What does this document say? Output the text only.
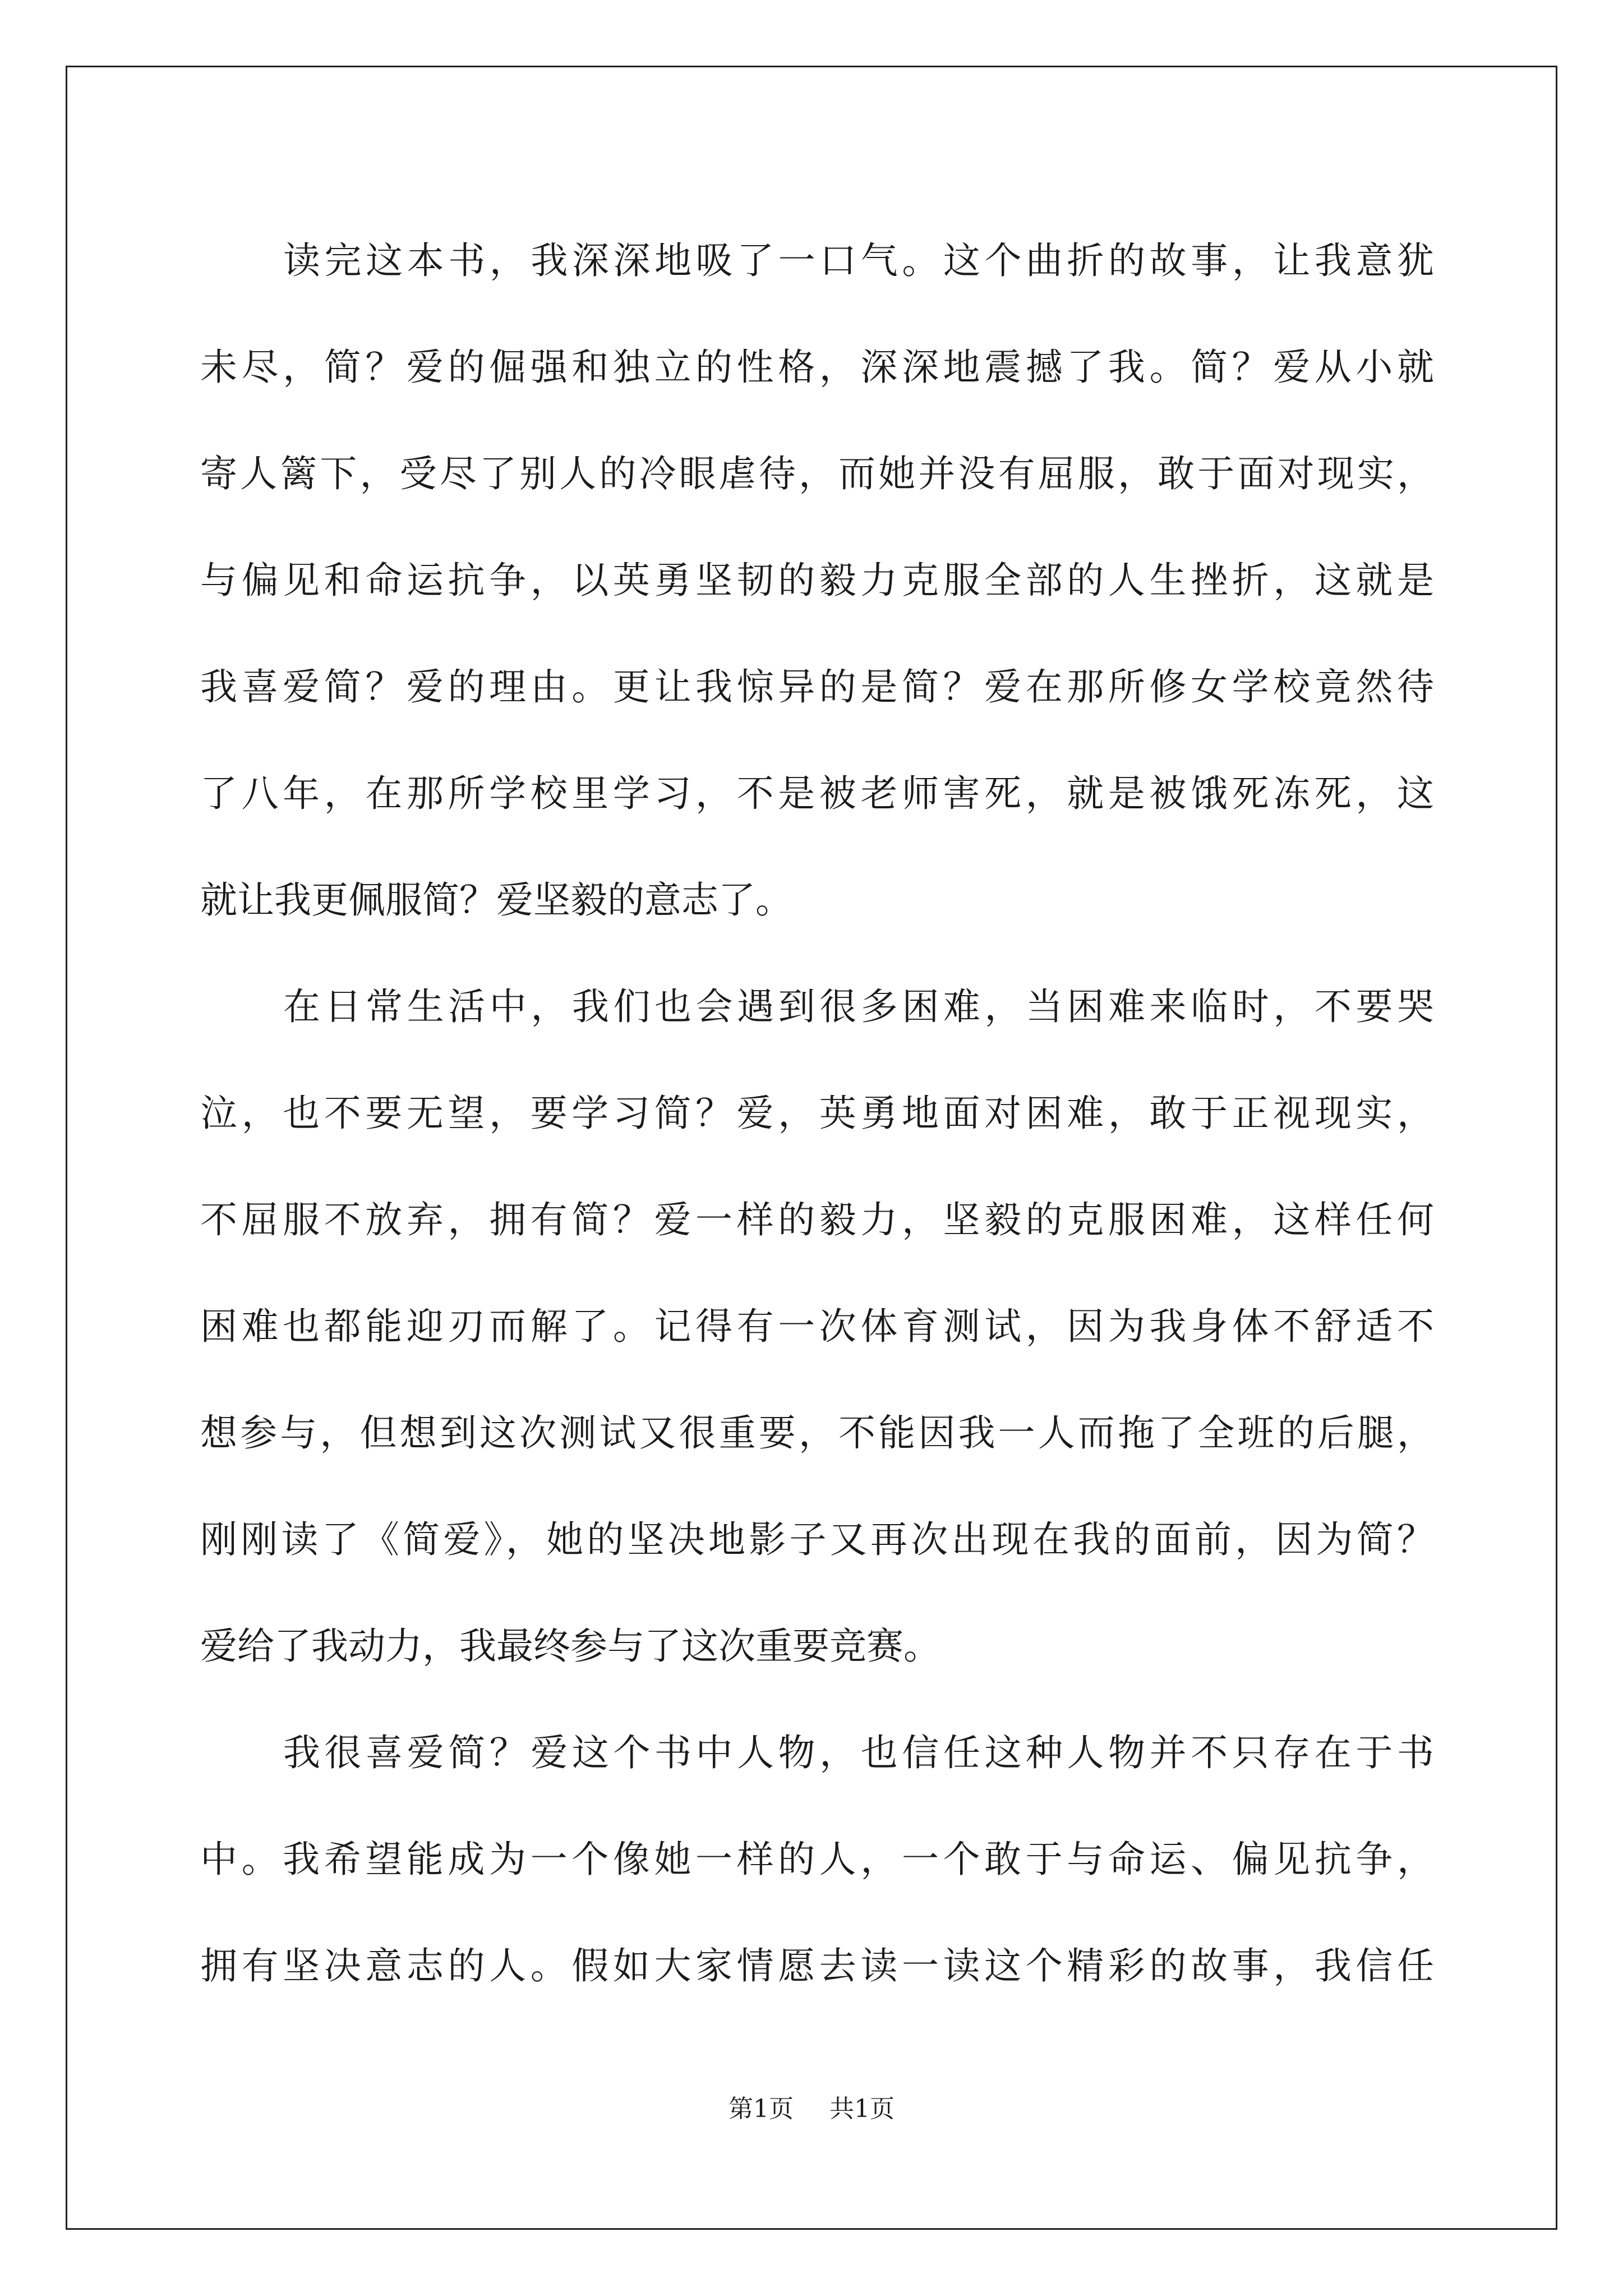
读完这本书，我深深地吸了一口气。这个曲折的故事，让我意犹
未尽，简？爱的倔强和独立的性格，深深地震撼了我。简？爱从小就
寄人篱下，受尽了别人的冷眼虐待，而她并没有屈服，敢于面对现实，
与偏见和命运抗争，以英勇坚韧的毅力克服全部的人生挫折，这就是
我喜爱简？爱的理由。更让我惊异的是简？爱在那所修女学校竟然待
了八年，在那所学校里学习，不是被老师害死，就是被饿死冻死，这
就让我更佩服简？爱坚毅的意志了。
在日常生活中，我们也会遇到很多困难，当困难来临时，不要哭
泣，也不要无望，要学习简？爱，英勇地面对困难，敢于正视现实，
不屈服不放弃，拥有简？爱一样的毅力，坚毅的克服困难，这样任何
困难也都能迎刃而解了。记得有一次体育测试，因为我身体不舒适不
想参与，但想到这次测试又很重要，不能因我一人而拖了全班的后腿，
刚刚读了《简爱》，她的坚决地影子又再次出现在我的面前，因为简？
爱给了我动力，我最终参与了这次重要竞赛。
我很喜爱简？爱这个书中人物，也信任这种人物并不只存在于书
中。我希望能成为一个像她一样的人，一个敢于与命运、偏见抗争，
拥有坚决意志的人。假如大家情愿去读一读这个精彩的故事，我信任
第1页 共1页
